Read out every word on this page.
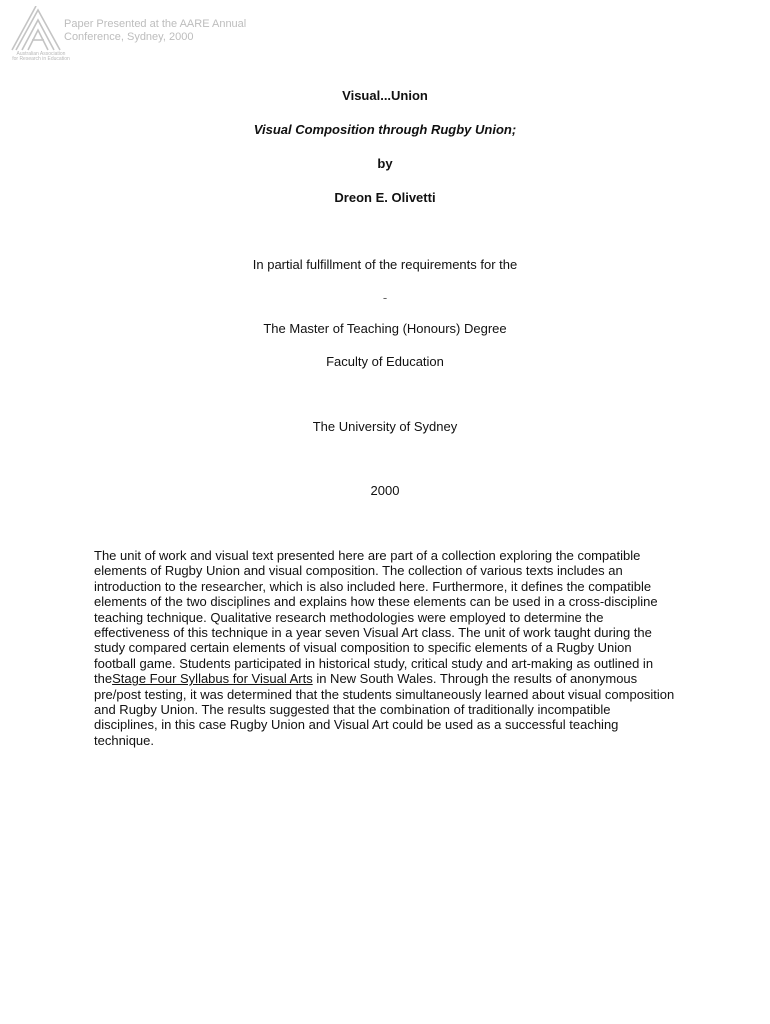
Australian Association
for Research in Education
Paper Presented at the AARE Annual
Conference, Sydney, 2000
Visual...Union
Visual Composition through Rugby Union;
by
Dreon E. Olivetti
In partial fulfillment of the requirements for the
-
The Master of Teaching (Honours) Degree
Faculty of Education
The University of Sydney
2000
The unit of work and visual text presented here are part of a collection exploring the compatible elements of Rugby Union and visual composition. The collection of various texts includes an introduction to the researcher, which is also included here. Furthermore, it defines the compatible elements of the two disciplines and explains how these elements can be used in a cross-discipline teaching technique. Qualitative research methodologies were employed to determine the effectiveness of this technique in a year seven Visual Art class. The unit of work taught during the study compared certain elements of visual composition to specific elements of a Rugby Union football game. Students participated in historical study, critical study and art-making as outlined in theStage Four Syllabus for Visual Arts in New South Wales. Through the results of anonymous pre/post testing, it was determined that the students simultaneously learned about visual composition and Rugby Union. The results suggested that the combination of traditionally incompatible disciplines, in this case Rugby Union and Visual Art could be used as a successful teaching technique.
